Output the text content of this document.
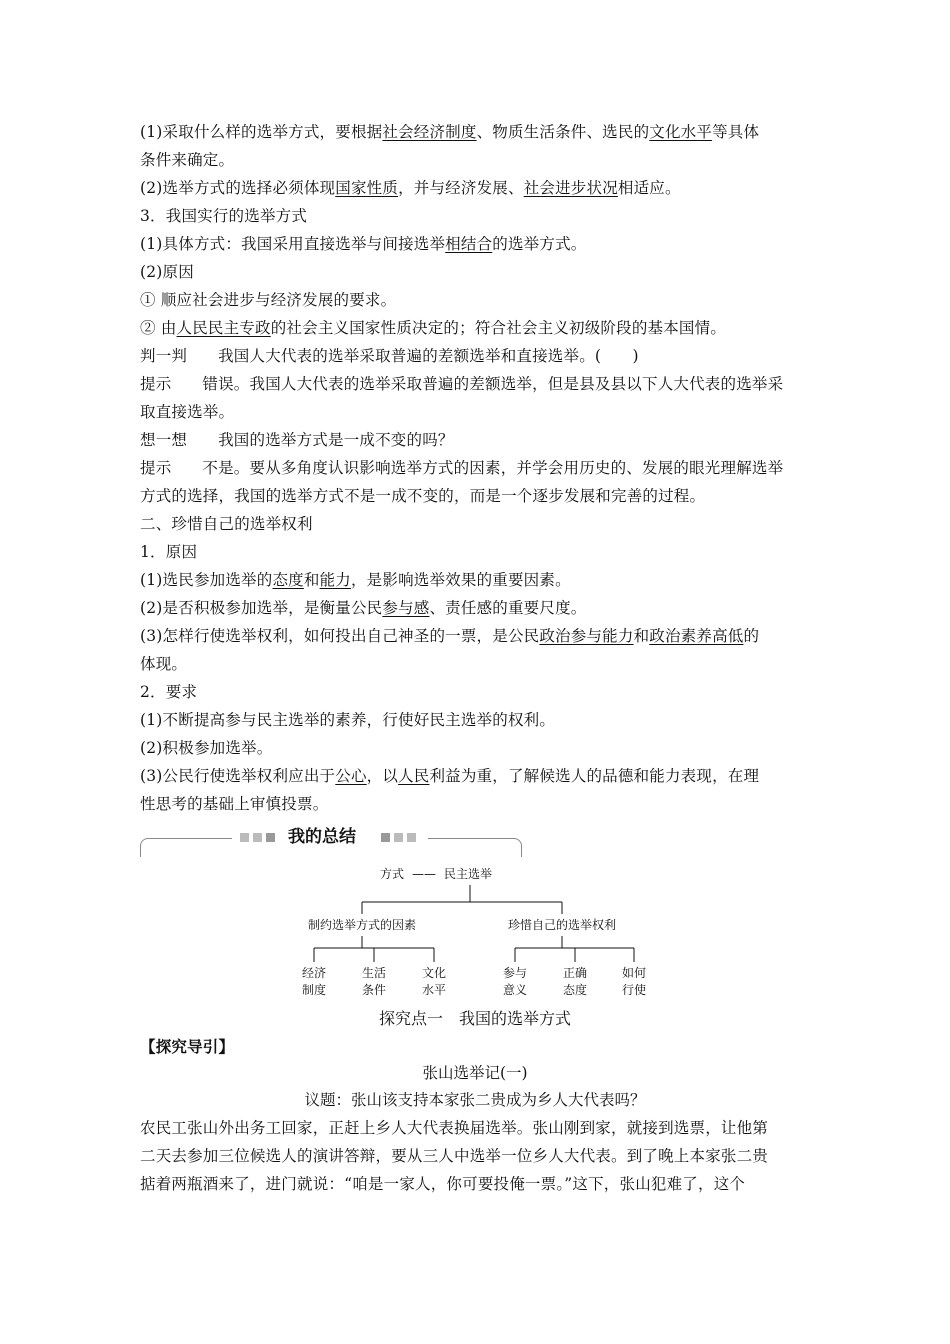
(1)采取什么样的选举方式，要根据社会经济制度、物质生活条件、选民的文化水平等具体
条件来确定。
(2)选举方式的选择必须体现国家性质，并与经济发展、社会进步状况相适应。
3．我国实行的选举方式
(1)具体方式：我国采用直接选举与间接选举相结合的选举方式。
(2)原因
① 顺应社会进步与经济发展的要求。
② 由人民民主专政的社会主义国家性质决定的；符合社会主义初级阶段的基本国情。
判一判 我国人大代表的选举采取普遍的差额选举和直接选举。(　　)
提示 错误。我国人大代表的选举采取普遍的差额选举，但是县及县以下人大代表的选举采
取直接选举。
想一想 我国的选举方式是一成不变的吗？
提示 不是。要从多角度认识影响选举方式的因素，并学会用历史的、发展的眼光理解选举
方式的选择，我国的选举方式不是一成不变的，而是一个逐步发展和完善的过程。
二、珍惜自己的选举权利
1．原因
(1)选民参加选举的态度和能力，是影响选举效果的重要因素。
(2)是否积极参加选举，是衡量公民参与感、责任感的重要尺度。
(3)怎样行使选举权利，如何投出自己神圣的一票，是公民政治参与能力和政治素养高低的
体现。
2．要求
(1)不断提高参与民主选举的素养，行使好民主选举的权利。
(2)积极参加选举。
(3)公民行使选举权利应出于公心，以人民利益为重，了解候选人的品德和能力表现，在理
性思考的基础上审慎投票。
我的总结
方式 —— 民主选举
制约选举方式的因素	珍惜自己的选举权利
经济
制度
生活
条件
文化
水平
参与
意义
正确
态度
如何
行使
探究点一　我国的选举方式
【探究导引】
张山选举记(一)
议题：张山该支持本家张二贵成为乡人大代表吗？
农民工张山外出务工回家，正赶上乡人大代表换届选举。张山刚到家，就接到选票，让他第
二天去参加三位候选人的演讲答辩，要从三人中选举一位乡人大代表。到了晚上本家张二贵
掂着两瓶酒来了，进门就说：“咱是一家人，你可要投俺一票。”这下，张山犯难了，这个
